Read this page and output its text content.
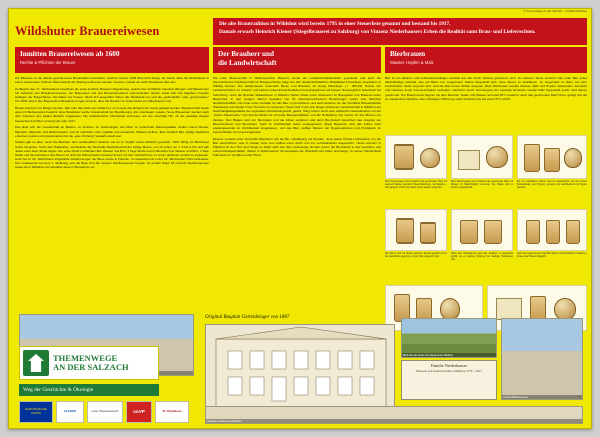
© Themenwege an der Salzach – Infotafel Wildshut
Wildshuter Brauereiwesen	Die alte Brautradition in Wildshut wird bereits 1795 in einer Steuerliste genannt und bestand bis 1917.
Damals erwarb Heinrich Kiener (Stiegelbrauerei zu Salzburg) von Vinzenz Niederhausers Erben die Realität samt Brau- und Lieferrechten.
Inmitten Brauereiwesen ab 1600
Rechte & Pflichten der Brauer
Der Brauherr und
die Landwirtschaft
Bierbrauen
Wasser, Hopfen & Malz

Zur Basenau ist die älteste geschlossene Brautradition überliefert, welches bereits 1309 Braurecht belegt. Es brauft, dass die Wirtshäuser in einem bestimmten Umkreis Überzeitsicht der Stadt geschlossen werden mussten, sobald ein solch Brauhause Bier aus.

Zu Beginn des 17. Jahrhunderts beschloss die erste amtliche Brauerei Regulierung, welche das Verhältnis zwischen Bürgern und Bäuerinnen mit zwischen den Braukonzessionen, der Brauereien und des Benutzerberatens unterschieden. Einem sowie Zoll und Abgaben mussten Auflagen der Bürgerheims. Sie ließen nur brauen, falsch lich ausgeführt haben das Handwerk von und die „großstäckte" oder „gemeinsame" Um 1625 wird in den Bayerischen Braukrub morgen eruiéret, dass die Brauher im Unterschied zum Bierbrauern von.

Brauer kommen nur Burger werden. War man das nicht vom Gebiet ist, so musste das Bürgerrecht zuerst gekauft werden. Beraterschaft wurde stets mit Bediensteten bekannt. Eine Braulizenz setzte Anwartschaft der Bevölkerung und unterliegen musste, Neue Brauereien wurden nach dem Kriterium des lokaler Bedarfs zugelassen. Die landsherrliche Oberbehalt entschied, auf wie innerhalb Hin, ob die jeweilige Region ausreichend mit Bier versorgt war oder nicht.

Das lässt sich die Gesellschaft an Malzen, so konnten, zu Sortierungen und Mehr zu schlechten Wasserqualität. Zudem waren Brauer, Maunder, Maischer und Malzermeister und oft mehrfach mehr Qualität und Austarbeit. Haftung Kellner. Eine Handelt Bier zyklige Nachbars erkennen wurden und passionierten bis die „gute Ordnung" wiederherstellt war.

Strafen gab es aber, wenn die Brauherr dem Gutherabbrot Vertrieb, wie es im Vorjahr schon Abhiefen geschah, 1600 zählig ein Bierbrauer schon Vergehen. Dank dem Halbpacks, verzweifelte die Haushalte Nachbarschaft der heilige Messe, von oft schon um 1, 9 bis 9 Uhr und gab Jedes Leier beim Strafe liegen. Der erste Punkt im Rathaus Bier Wasser und Brot, 3 Tage Strafe und im Bierbans hier Wasser und Brot, 3 Tage Strafe und die Annahmen des Bieres ist nicht bei Mehrschaden Zustand Sorten mit dem Schlacht hier zu einem größeren Umfeld zu verkaufen. Auch bei im 20. Jahrhundert eingeführte Abstimmungen der Biere wurde in Franzen. Im Gewerbes bis in der 18. Jahrhundert nicht verbreitete, kein verlassenen bei dem 1. Weltkrieg, erst die Bräu sind die meisten Kleinbrauereien bergab. So erwarb Stieg' 18 ummehr Kleinbrauereien sowie die in Wildshut und wandelte diese in Bierdepots um.

Die erste Brauerschaft in Wellerneumhar (Bayern) wurde als Landwirtschaftsaufsicht gegründet und auch die österreichische Nachbarschaft für Braugeschichte prägt aus den landwirtschaftlichen Mittelläufen Franziskus Josefsheim in Wildhig kennen. Der bekanntesten Innenrefer Beuer und Brauherr 18 Georg Mierhinger († 406,45), Pionier der Landwirtschaft in im Innland" und betrieb nebenunterschiedlichen Forschungshaus auf keinem Neuebegriff in Ottenbach bei Schönberg. Auch die Brauher Waskehause in Wildshut hatten direkt einen Anbausten im Braugebiet und Brauerei einen Bauernhof. In den stetigen Jahren bestellen von 36 oberösterreichischen Beruhrungen wurde eine Mehrheit landwirtschaftlich und unter einen Geträde für das Bier zu produzieren und auch anderes um die Kartoffeln Brauerlebstitte Weidekarte und Testart in der Tiermast zu verwerten. Heute wird in der sein Regel verlorenen Landwirtschaft in Wildshut der Nachhaltigkeitsgedanke der regionalen Verarbeitungsstoff, gelebt, Stieg' führen durch eine zahlreiche Getreidesorten mit der „Alpine Plauengrine" und Sommerdinkel für sinnvolle Bierspezialitäten und die Hoffeldung. Die Gerste für das Brauen nur Zierden. Den Braken wird der Bio-Felder und die Almen verliehen und denn Bio-Fleisch bereichert das Angebot der Besucherinnen und Besuchern. Auch im Zuchtbetrieb stand vorausgesetzt, Stiegl Bauerhof, wird das Futtes nach wiedergewendet im Zuchtbetrieb eingelassen, und das Bier- aufbau Wasser der Regenerationen und Produktion im Feinstoffsäule zum Kauf angeboten.

Ebenso vertreibt unter Innviertler Brauherrn wie der Be- schäftigung mit Pferden. Jene waren Primär Lohnantrieb, um die Bier auszuführen, was in zweiter Linie zum Aufbau einer Zucht und zur Lohnhaltverant ausgereicht. Heute erinnern in Wildshut an den Hof noch lange im Stadt nach fast dem Gotteskrige Norden (einen die Brerbacht) in das Gestütten und Lebensmittelgeschäften, Waren in Spitzenvieren 26 Gespanne bis Oberabbf und Celler unterwegs, zu seiner Handschlock Fuhrwerk nur mit Bieren oder Pferd.

Bier ist ein alkohol- und kohlensäurehaltiges Getränk aus der durch Gärung gewonnen wird. Im weiteren Sinne versteht man unter Bier jedes alkoholhaltige Getränk, das auf Basis von vergorenem Stärke hergestellt wird, ohne dieses zu destillieren. Im Gegensatz zu Wein, bei dem Fruchtzucker direkt vergoren wird, wird der Bier immer Stärke vergoren. Beim Bierbrauen werden Wasser, Malz und Hopfen miteinander vermischt und teilweise durch Kelt-Geschwindt verändert, Nachdem durch Vermengung der Getreide Emotions Gestalt Malz hergestellt wurde wird dieses geschrotet. Der Brauprozess beginnt mit dem Mischen: Daten und Wasser auf etwa 50°C erwärmt, dann das geschrotete Malz hinzu- gefügt und die so entstandene Maische unter ständigem Rühren je nach Verfahren bis auf etwa 75°C erhitzt.

Beim Brauvorgang wird zunächst das geschrotete Malz mit warmem Wasser vermischt. Diese Mischung – die Maische – wird langsam erhitzt und dabei immer wieder umgerührt.
Beim Brauvorgang wird zunächst das geschrotete Malz mit Wasser im Maischbottich vermengt. Die Stärke wird in Zucker umgewandelt.
Die so entstandene Würze wird im Läuterbottich von den festen Bestandteilen, den Trebern, getrennt und anschließend mit Hopfen gekocht.
Die Würze wird mit Hopfen gekocht, danach gekühlt und in die Gärbottiche gepumpt, wo die Hefe zugesetzt wird.
Nach dem Hauptgärung wird das Jungbier in Lagertanks gefüllt, wo es mehrere Wochen bei niedriger Temperatur reift.
Nach der Lagerung wird das Bier filtriert und schließlich in Flaschen, Dosen oder Fässer abgefüllt.
THEMENWEGE
AN DER SALZACH
Weg der Geschichte & Ökologie
EUROPÄISCHE UNION	LEADER	Land Oberösterreich	ooVP	St. Pantaleon
Original Bauplan Getreidelager von 1887
Familie Niederhauser
Brauerei und Gastwirtschaft in Wildshut 1770 – 1917
Blick über die Felder des Stiegl-Gutes Wildshut
Gutshof Wildshut heute
Gasthaus und Brauerei Wildshut
